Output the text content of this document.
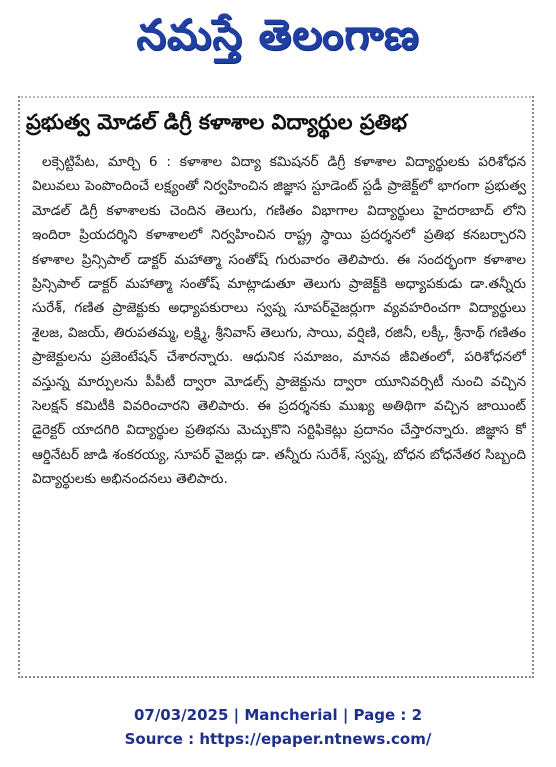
నమస్తే తెలంగాణ
ప్రభుత్వ మోడల్ డిగ్రీ కళాశాల విద్యార్థుల ప్రతిభ
లక్సెట్టిపేట, మార్చి 6 : కళాశాల విద్యా కమిషనర్ డిగ్రీ కళాశాల విద్యార్థులకు పరిశోధన విలువలు పెంపొందించే లక్ష్యంతో నిర్వహించిన జిజ్ఞాస స్టూడెంట్ స్టడీ ప్రాజెక్ట్‌లో భాగంగా ప్రభుత్వ మోడల్ డిగ్రీ కళాశాలకు చెందిన తెలుగు, గణితం విభాగాల విద్యార్థులు హైదరాబాద్ లోని ఇందిరా ప్రియదర్శిని కళాశాలలో నిర్వహించిన రాష్ట్ర స్థాయి ప్రదర్శనలో ప్రతిభ కనబర్చారని కళాశాల ప్రిన్సిపాల్ డాక్టర్ మహాత్మా సంతోష్ గురువారం తెలిపారు. ఈ సందర్భంగా కళాశాల ప్రిన్సిపాల్ డాక్టర్ మహాత్మా సంతోష్ మాట్లాడుతూ తెలుగు ప్రాజెక్ట్‌కి అధ్యాపకుడు డా.తన్నీరు సురేశ్, గణిత ప్రాజెక్టుకు అధ్యాపకురాలు స్వప్న సూపర్‌వైజర్లుగా వ్యవహరించగా విద్యార్థులు శైలజ, విజయ్, తిరుపతమ్మ, లక్ష్మి, శ్రీనివాస్ తెలుగు, సాయి, వర్షిణి, రజినీ, లక్కీ, శ్రీనాథ్ గణితం ప్రాజెక్టులను ప్రజెంటేషన్ చేశారన్నారు. ఆధునిక సమాజం, మానవ జీవితంలో, పరిశోధనలో వస్తున్న మార్పులను పీపీటీ ద్వారా మోడల్స్ ప్రాజెక్టును ద్వారా యూనివర్సిటీ నుంచి వచ్చిన సెలక్షన్ కమిటీకి వివరించారని తెలిపారు. ఈ ప్రదర్శనకు ముఖ్య అతిథిగా వచ్చిన జాయింట్ డైరెక్టర్ యాదగిరి విద్యార్థుల ప్రతిభను మెచ్చుకొని సర్టిఫికెట్లు ప్రదానం చేస్తారన్నారు. జిజ్ఞాస కో ఆర్డినేటర్ జాడి శంకరయ్య, సూపర్ వైజర్లు డా. తన్నీరు సురేశ్, స్వప్న, బోధన బోధనేతర సిబ్బంది విద్యార్థులకు అభినందనలు తెలిపారు.
07/03/2025 | Mancherial | Page : 2
Source : https://epaper.ntnews.com/
